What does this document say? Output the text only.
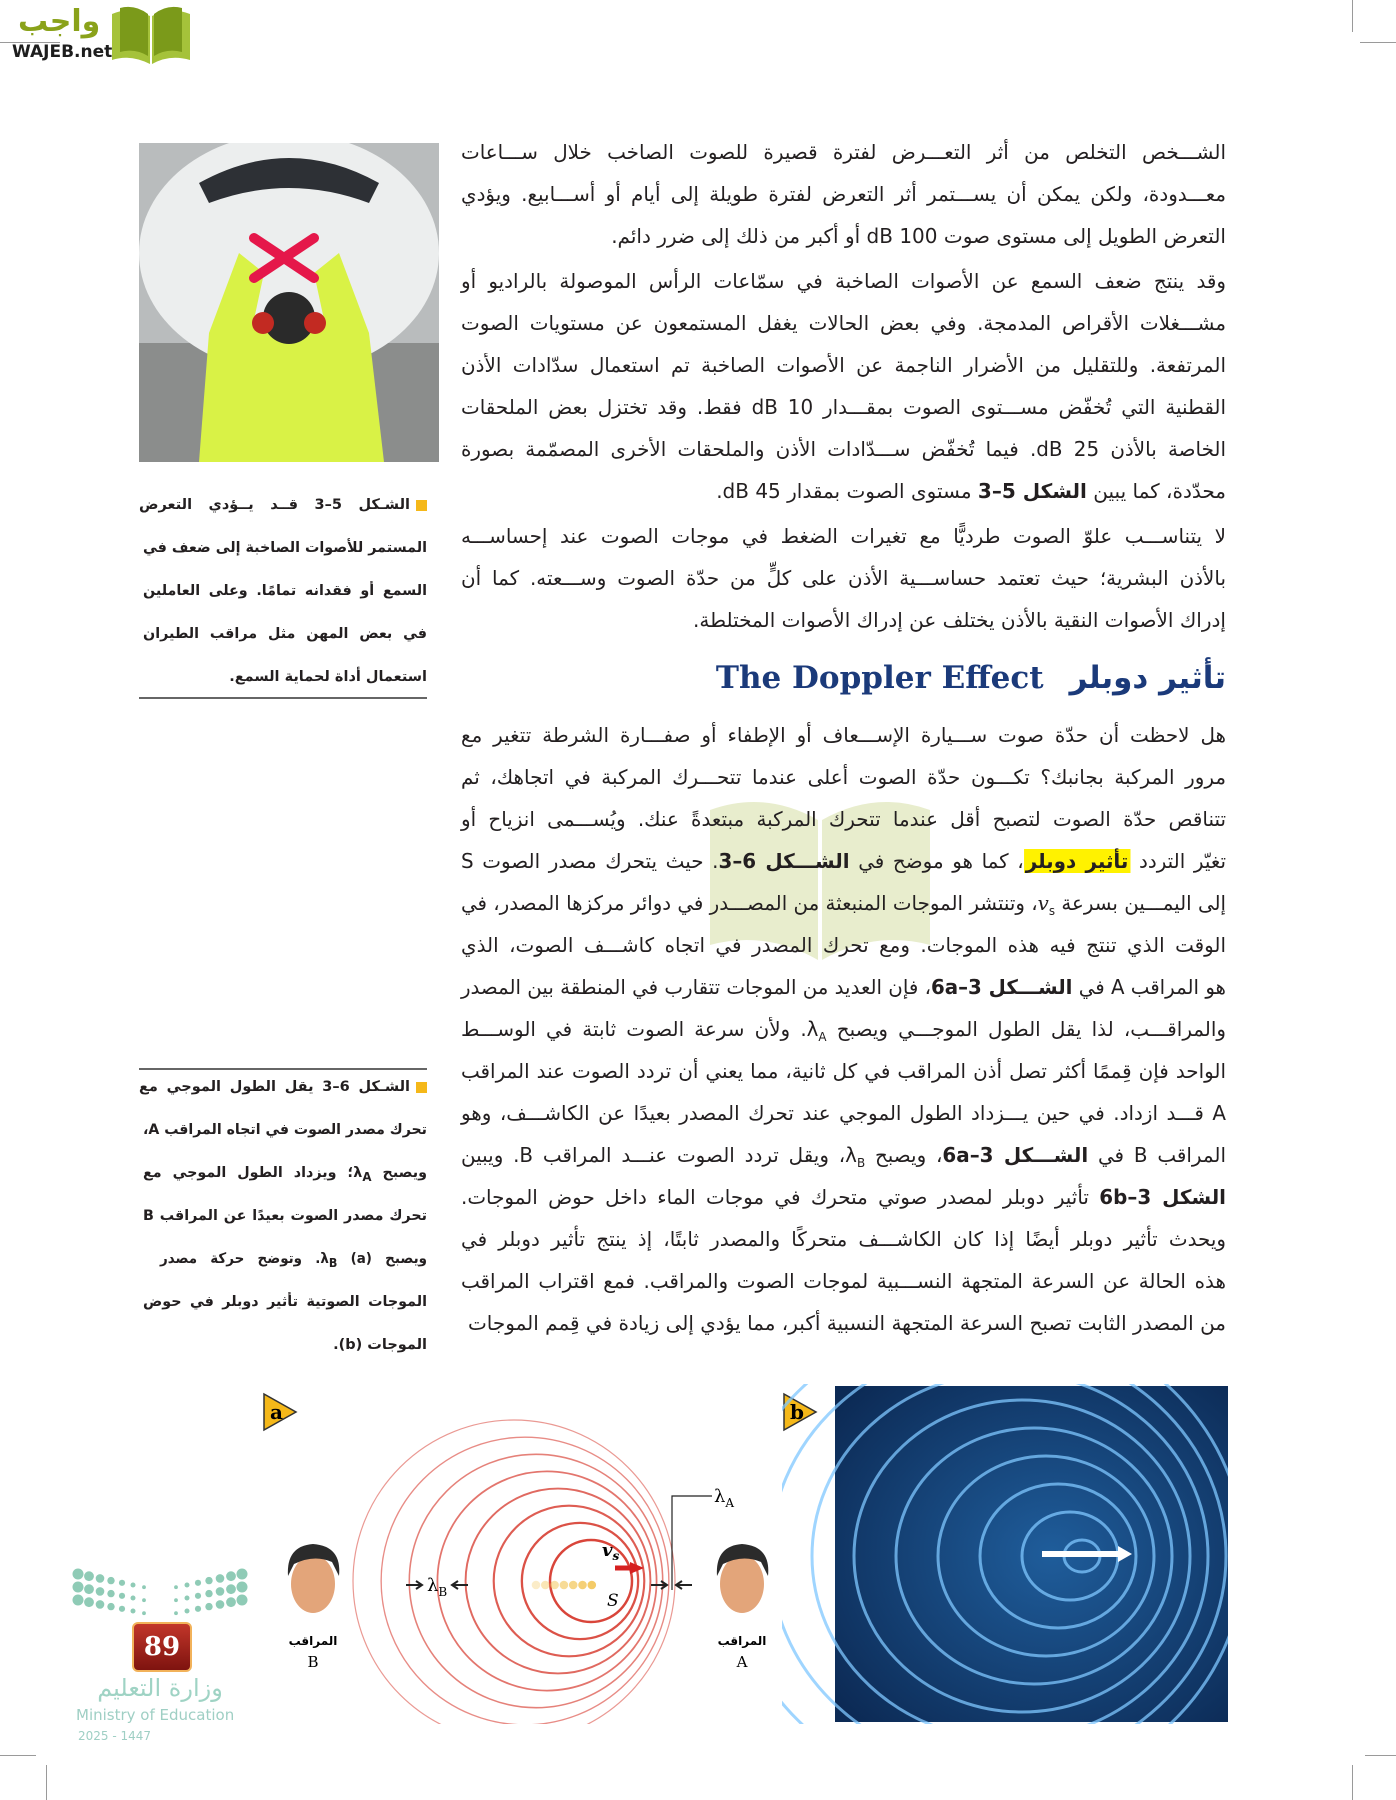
واجب
WAJEB.net
الشـكل 5–3 قــد يــؤدي التعرض
المستمر للأصوات الصاخبة إلى ضعف في
السمع أو فقدانه تمامًا. وعلى العاملين
في بعض المهن مثل مراقب الطيران
استعمال أداة لحماية السمع.
الشـكل 6–3 يقل الطول الموجي مع
تحرك مصدر الصوت في اتجاه المراقب A،
ويصبح $\lambda_A؛$ ويزداد الطول الموجي مع
تحرك مصدر الصوت بعيدًا عن المراقب B
ويصبح $\lambda_B$ (a). وتوضح حركة مصدر
الموجات الصوتية تأثير دوبلر في حوض
الموجات (b).
الشـــخص التخلص من أثر التعـــرض لفترة قصيرة للصوت الصاخب خلال ســـاعات
معـــدودة، ولكن يمكن أن يســـتمر أثر التعرض لفترة طويلة إلى أيام أو أســـابيع. ويؤدي
التعرض الطويل إلى مستوى صوت 100 dB أو أكبر من ذلك إلى ضرر دائم.
وقد ينتج ضعف السمع عن الأصوات الصاخبة في سمّاعات الرأس الموصولة بالراديو أو
مشـــغلات الأقراص المدمجة. وفي بعض الحالات يغفل المستمعون عن مستويات الصوت
المرتفعة. وللتقليل من الأضرار الناجمة عن الأصوات الصاخبة تم استعمال سدّادات الأذن
القطنية التي تُخفّض مســـتوى الصوت بمقـــدار 10 dB فقط. وقد تختزل بعض الملحقات
الخاصة بالأذن 25 dB. فيما تُخفّض ســـدّادات الأذن والملحقات الأخرى المصمّمة بصورة
محدّدة، كما يبين الشكل 5–3 مستوى الصوت بمقدار 45 dB.
لا يتناســـب علوّ الصوت طرديًّا مع تغيرات الضغط في موجات الصوت عند إحساســـه
بالأذن البشرية؛ حيث تعتمد حساســـية الأذن على كلٍّ من حدّة الصوت وســـعته. كما أن
إدراك الأصوات النقية بالأذن يختلف عن إدراك الأصوات المختلطة.
تأثير دوبلر
The Doppler Effect
هل لاحظت أن حدّة صوت ســـيارة الإســـعاف أو الإطفاء أو صفـــارة الشرطة تتغير مع
مرور المركبة بجانبك؟ تكـــون حدّة الصوت أعلى عندما تتحـــرك المركبة في اتجاهك، ثم
تتناقص حدّة الصوت لتصبح أقل عندما تتحرك المركبة مبتعدةً عنك. ويُســـمى انزياح أو
تغيّر التردد تأثير دوبلر، كما هو موضح في الشـــكل 6–3. حيث يتحرك مصدر الصوت S
إلى اليمـــين بسرعة $v_s،$ وتنتشر الموجات المنبعثة من المصـــدر في دوائر مركزها المصدر، في
الوقت الذي تنتج فيه هذه الموجات. ومع تحرك المصدر في اتجاه كاشـــف الصوت، الذي
هو المراقب A في الشـــكل 6a–3، فإن العديد من الموجات تتقارب في المنطقة بين المصدر
والمراقـــب، لذا يقل الطول الموجـــي ويصبح $\lambda_A$. ولأن سرعة الصوت ثابتة في الوســـط
الواحد فإن قِممًا أكثر تصل أذن المراقب في كل ثانية، مما يعني أن تردد الصوت عند المراقب
A قـــد ازداد. في حين يـــزداد الطول الموجي عند تحرك المصدر بعيدًا عن الكاشـــف، وهو
المراقب B في الشـــكل 6a–3، ويصبح $\lambda_B،$ ويقل تردد الصوت عنـــد المراقب B. ويبين
الشكل 6b–3 تأثير دوبلر لمصدر صوتي متحرك في موجات الماء داخل حوض الموجات.
ويحدث تأثير دوبلر أيضًا إذا كان الكاشـــف متحركًا والمصدر ثابتًا، إذ ينتج تأثير دوبلر في
هذه الحالة عن السرعة المتجهة النســـبية لموجات الصوت والمراقب. فمع اقتراب المراقب
من المصدر الثابت تصبح السرعة المتجهة النسبية أكبر، مما يؤدي إلى زيادة في قِمم الموجات
a
$v_s$
S
$\lambda_B$
$\lambda_A$
المراقب
B
المراقب
A
b
89
وزارة التعليم
Ministry of Education
2025 - 1447
